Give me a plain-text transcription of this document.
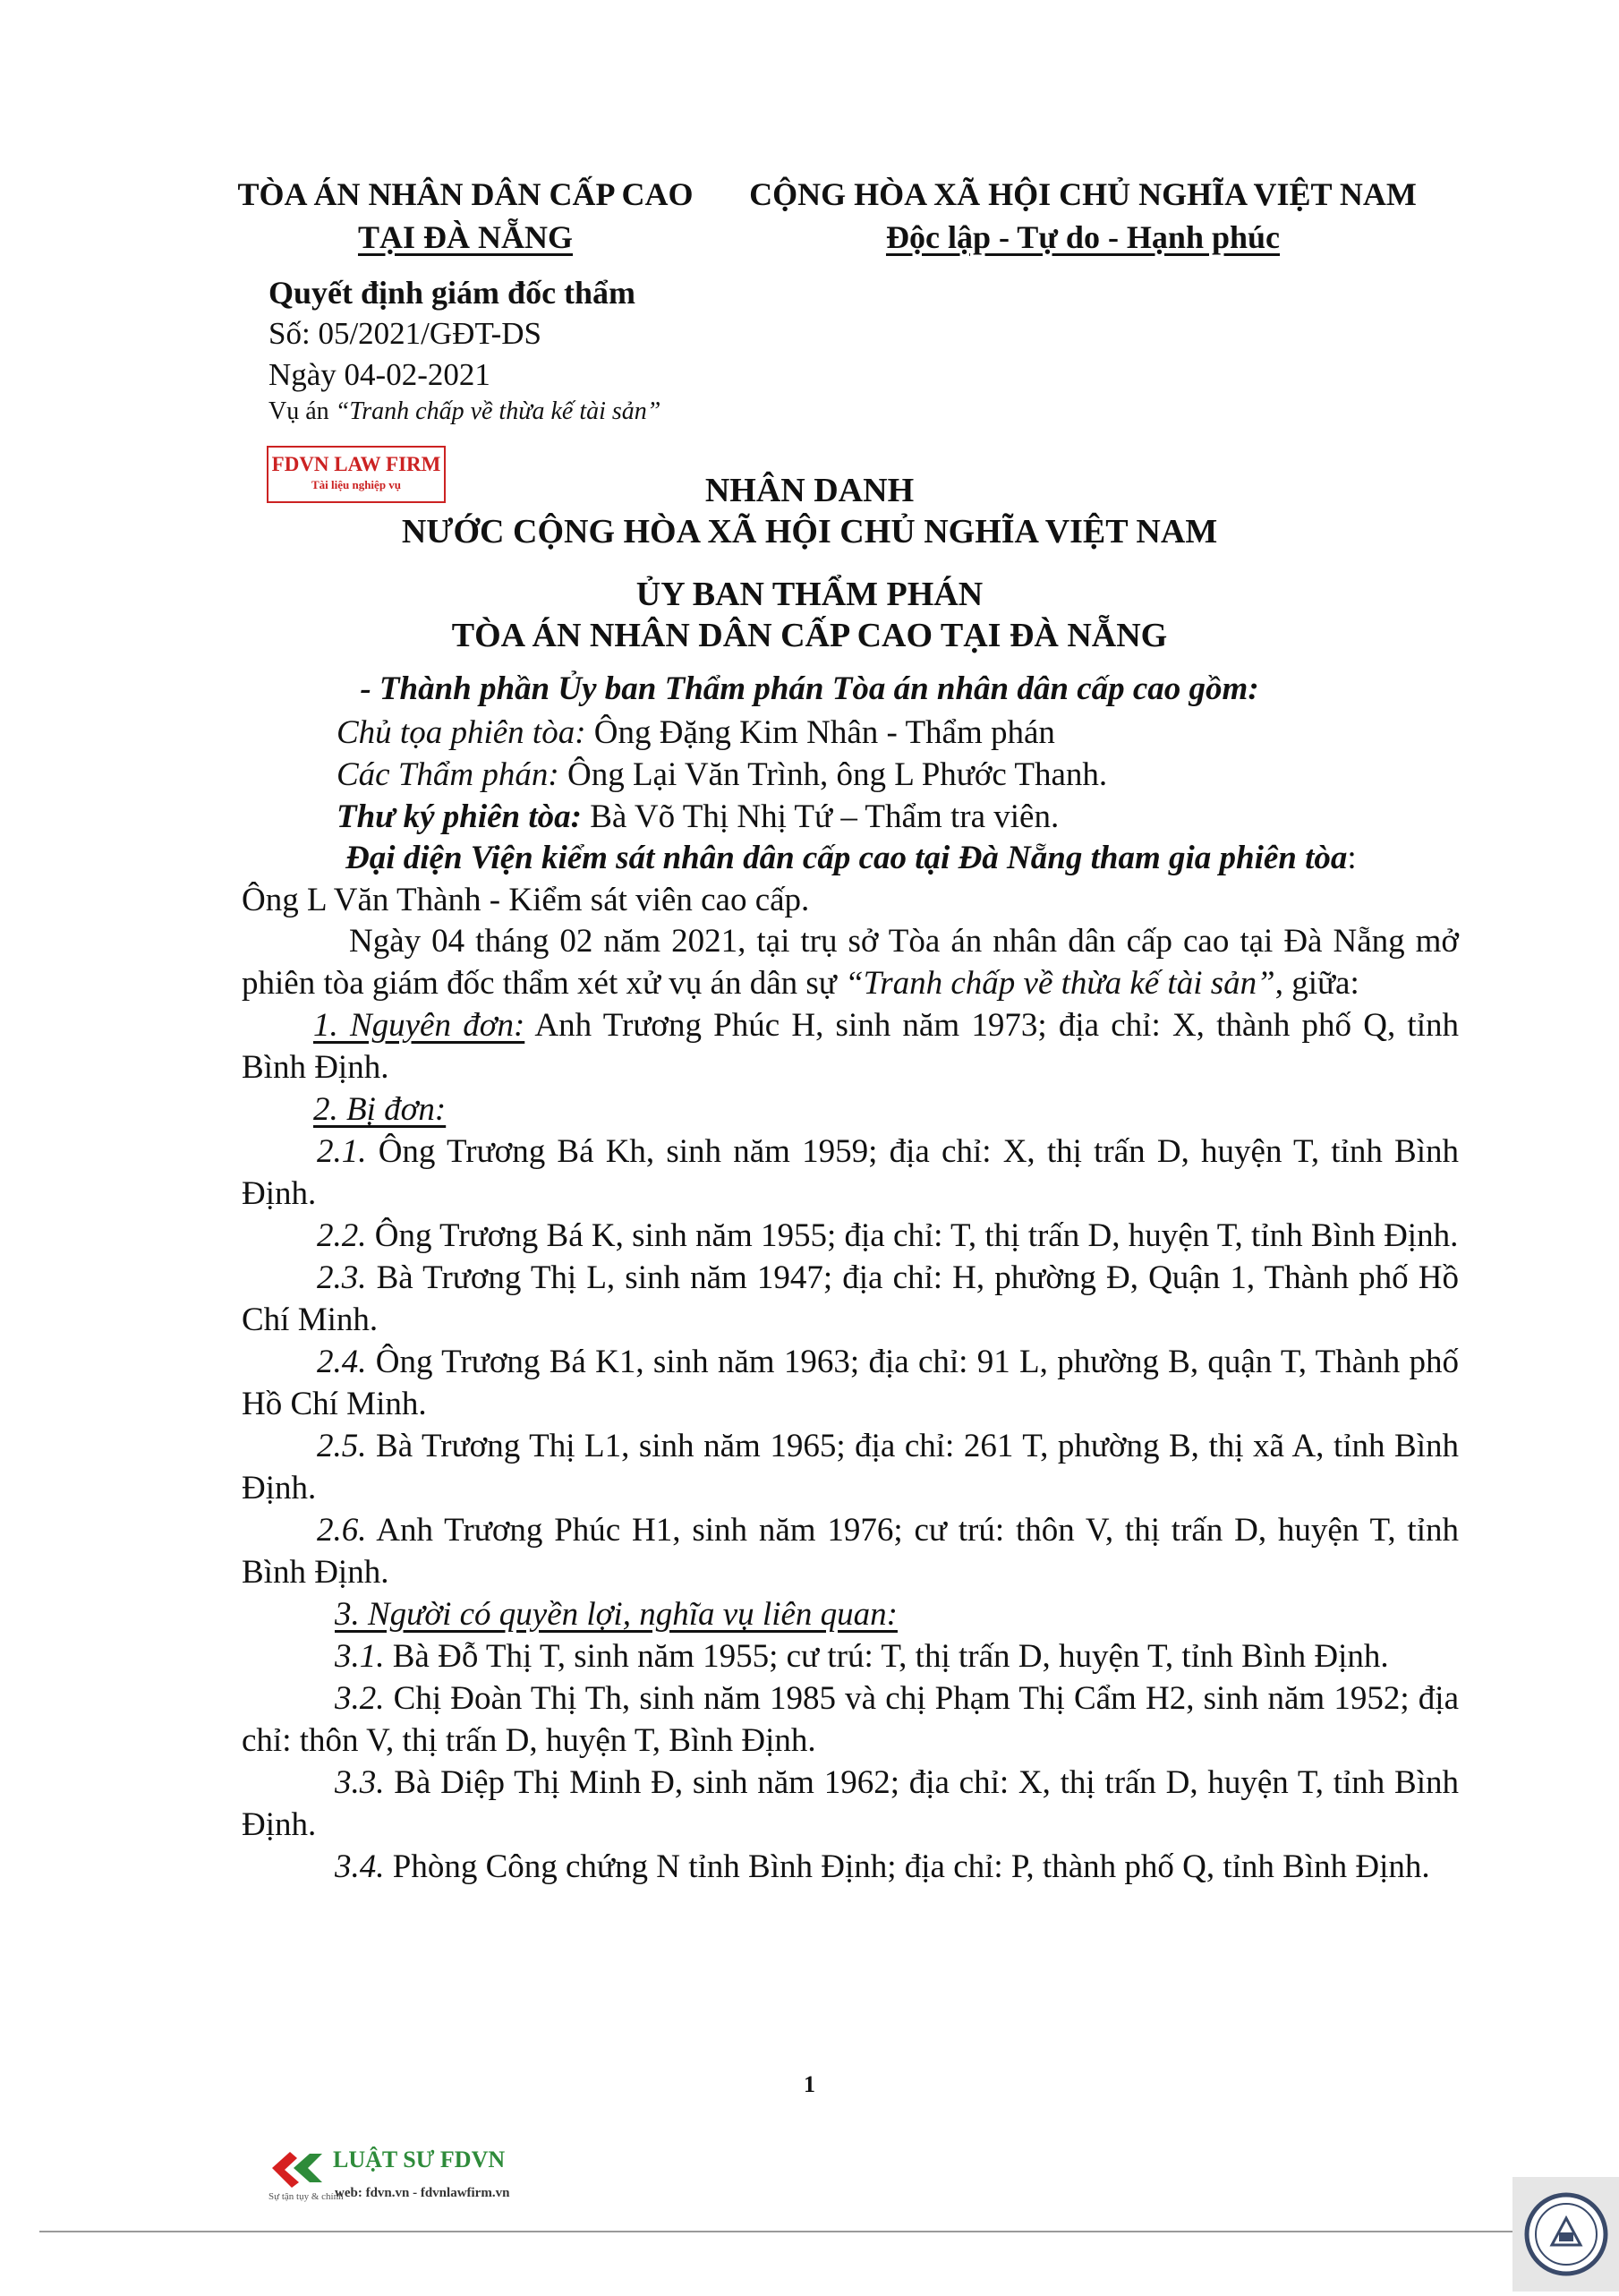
TÒA ÁN NHÂN DÂN CẤP CAO
TẠI ĐÀ NẴNG
CỘNG HÒA XÃ HỘI CHỦ NGHĨA VIỆT NAM
Độc lập - Tự do - Hạnh phúc
Quyết định giám đốc thẩm
Số: 05/2021/GĐT-DS
Ngày 04-02-2021
Vụ án “Tranh chấp về thừa kế tài sản”
FDVN LAW FIRM
Tài liệu nghiệp vụ	NHÂN DANH
NƯỚC CỘNG HÒA XÃ HỘI CHỦ NGHĨA VIỆT NAM
ỦY BAN THẨM PHÁN
TÒA ÁN NHÂN DÂN CẤP CAO TẠI ĐÀ NẴNG
- Thành phần Ủy ban Thẩm phán Tòa án nhân dân cấp cao gồm:
Chủ tọa phiên tòa: Ông Đặng Kim Nhân - Thẩm phán
Các Thẩm phán: Ông Lại Văn Trình, ông L Phước Thanh.
Thư ký phiên tòa: Bà Võ Thị Nhị Tứ – Thẩm tra viên.
Đại diện Viện kiểm sát nhân dân cấp cao tại Đà Nẵng tham gia phiên tòa:
Ông L Văn Thành - Kiểm sát viên cao cấp.
Ngày 04 tháng 02 năm 2021, tại trụ sở Tòa án nhân dân cấp cao tại Đà Nẵng mở phiên tòa giám đốc thẩm xét xử vụ án dân sự “Tranh chấp về thừa kế tài sản”, giữa:
1. Nguyên đơn: Anh Trương Phúc H, sinh năm 1973; địa chỉ: X, thành phố Q, tỉnh Bình Định.
2. Bị đơn:
2.1. Ông Trương Bá Kh, sinh năm 1959; địa chỉ: X, thị trấn D, huyện T, tỉnh Bình Định.
2.2. Ông Trương Bá K, sinh năm 1955; địa chỉ: T, thị trấn D, huyện T, tỉnh Bình Định.
2.3. Bà Trương Thị L, sinh năm 1947; địa chỉ: H, phường Đ, Quận 1, Thành phố Hồ Chí Minh.
2.4. Ông Trương Bá K1, sinh năm 1963; địa chỉ: 91 L, phường B, quận T, Thành phố Hồ Chí Minh.
2.5. Bà Trương Thị L1, sinh năm 1965; địa chỉ: 261 T, phường B, thị xã A, tỉnh Bình Định.
2.6. Anh Trương Phúc H1, sinh năm 1976; cư trú: thôn V, thị trấn D, huyện T, tỉnh Bình Định.
3. Người có quyền lợi, nghĩa vụ liên quan:
3.1. Bà Đỗ Thị T, sinh năm 1955; cư trú: T, thị trấn D, huyện T, tỉnh Bình Định.
3.2. Chị Đoàn Thị Th, sinh năm 1985 và chị Phạm Thị Cẩm H2, sinh năm 1952; địa chỉ: thôn V, thị trấn D, huyện T, Bình Định.
3.3. Bà Diệp Thị Minh Đ, sinh năm 1962; địa chỉ: X, thị trấn D, huyện T, tỉnh Bình Định.
3.4. Phòng Công chứng N tỉnh Bình Định; địa chỉ: P, thành phố Q, tỉnh Bình Định.
1
LUẬT SƯ FDVN
Sự tận tụy & chính
web: fdvn.vn - fdvnlawfirm.vn
